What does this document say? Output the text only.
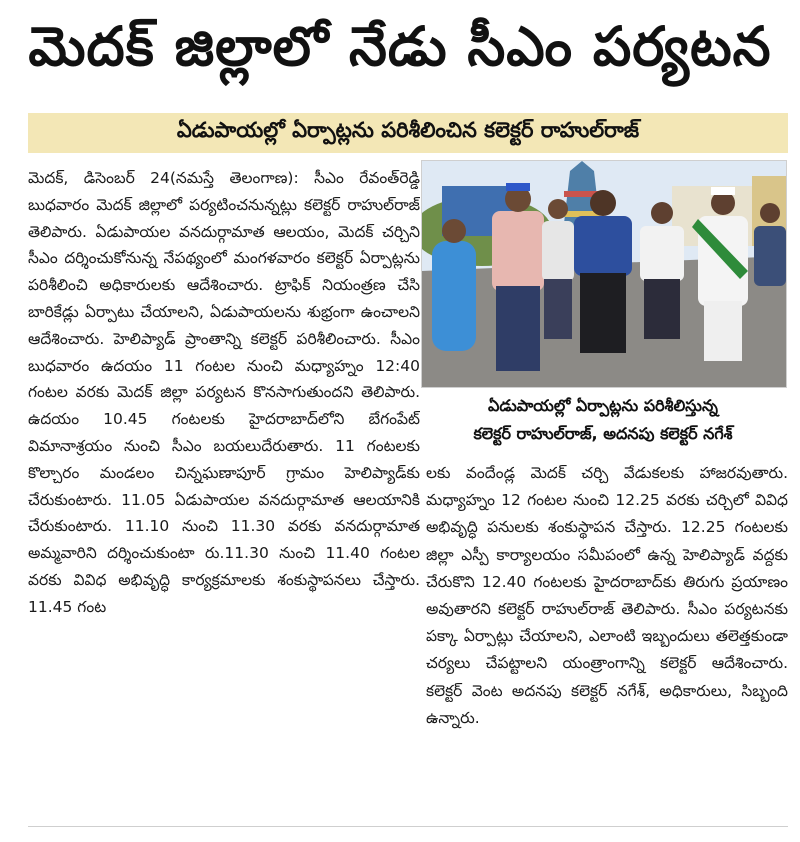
మెదక్ జిల్లాలో నేడు సీఎం పర్యటన
ఏడుపాయల్లో ఏర్పాట్లను పరిశీలించిన కలెక్టర్ రాహుల్‌రాజ్
మెదక్, డిసెంబర్ 24(నమస్తే తెలంగాణ): సీఎం రేవంత్‌రెడ్డి బుధవారం మెదక్ జిల్లాలో పర్యటించనున్నట్లు కలెక్టర్ రాహుల్‌రాజ్ తెలిపారు. ఏడుపాయల వనదుర్గామాత ఆలయం, మెదక్ చర్చిని సీఎం దర్శించుకోనున్న నేపథ్యంలో మంగళవారం కలెక్టర్ ఏర్పాట్లను పరిశీలించి అధికారులకు ఆదేశించారు. ట్రాఫిక్ నియంత్రణ చేసి బారికేడ్లు ఏర్పాటు చేయాలని, ఏడుపాయలను శుభ్రంగా ఉంచాలని ఆదేశించారు. హెలిప్యాడ్ ప్రాంతాన్ని కలెక్టర్ పరిశీలించారు. సీఎం బుధవారం ఉదయం 11 గంటల నుంచి మధ్యాహ్నం 12:40 గంటల వరకు మెదక్ జిల్లా పర్యటన కొనసాగుతుందని తెలిపారు. ఉదయం 10.45 గంటలకు హైదరాబాద్‌లోని బేగంపేట్ విమానాశ్రయం నుంచి సీఎం బయలుదేరుతారు. 11 గంటలకు కొల్చారం మండలం చిన్నఘణాపూర్ గ్రామం హెలిప్యాడ్‌కు చేరుకుంటారు. 11.05 ఏడుపాయల వనదుర్గామాత ఆలయానికి చేరుకుంటారు. 11.10 నుంచి 11.30 వరకు వనదుర్గామాత అమ్మవారిని దర్శించుకుంటా రు.11.30 నుంచి 11.40 గంటల వరకు వివిధ అభివృద్ధి కార్యక్రమాలకు శంకుస్థాపనలు చేస్తారు. 11.45 గంట
ఏడుపాయల్లో ఏర్పాట్లను పరిశీలిస్తున్న
కలెక్టర్ రాహుల్‌రాజ్, అదనపు కలెక్టర్ నగేశ్
లకు వందేండ్ల మెదక్ చర్చి వేడుకలకు హాజరవుతారు. మధ్యాహ్నం 12 గంటల నుంచి 12.25 వరకు చర్చిలో వివిధ అభివృద్ధి పనులకు శంకుస్థాపన చేస్తారు. 12.25 గంటలకు జిల్లా ఎస్పీ కార్యాలయం సమీపంలో ఉన్న హెలిప్యాడ్ వద్దకు చేరుకొని 12.40 గంటలకు హైదరాబాద్‌కు తిరుగు ప్రయాణం అవుతారని కలెక్టర్ రాహుల్‌రాజ్ తెలిపారు. సీఎం పర్యటనకు పక్కా ఏర్పాట్లు చేయాలని, ఎలాంటి ఇబ్బందులు తలెత్తకుండా చర్యలు చేపట్టాలని యంత్రాంగాన్ని కలెక్టర్ ఆదేశించారు. కలెక్టర్ వెంట అదనపు కలెక్టర్ నగేశ్, అధికారులు, సిబ్బంది ఉన్నారు.
